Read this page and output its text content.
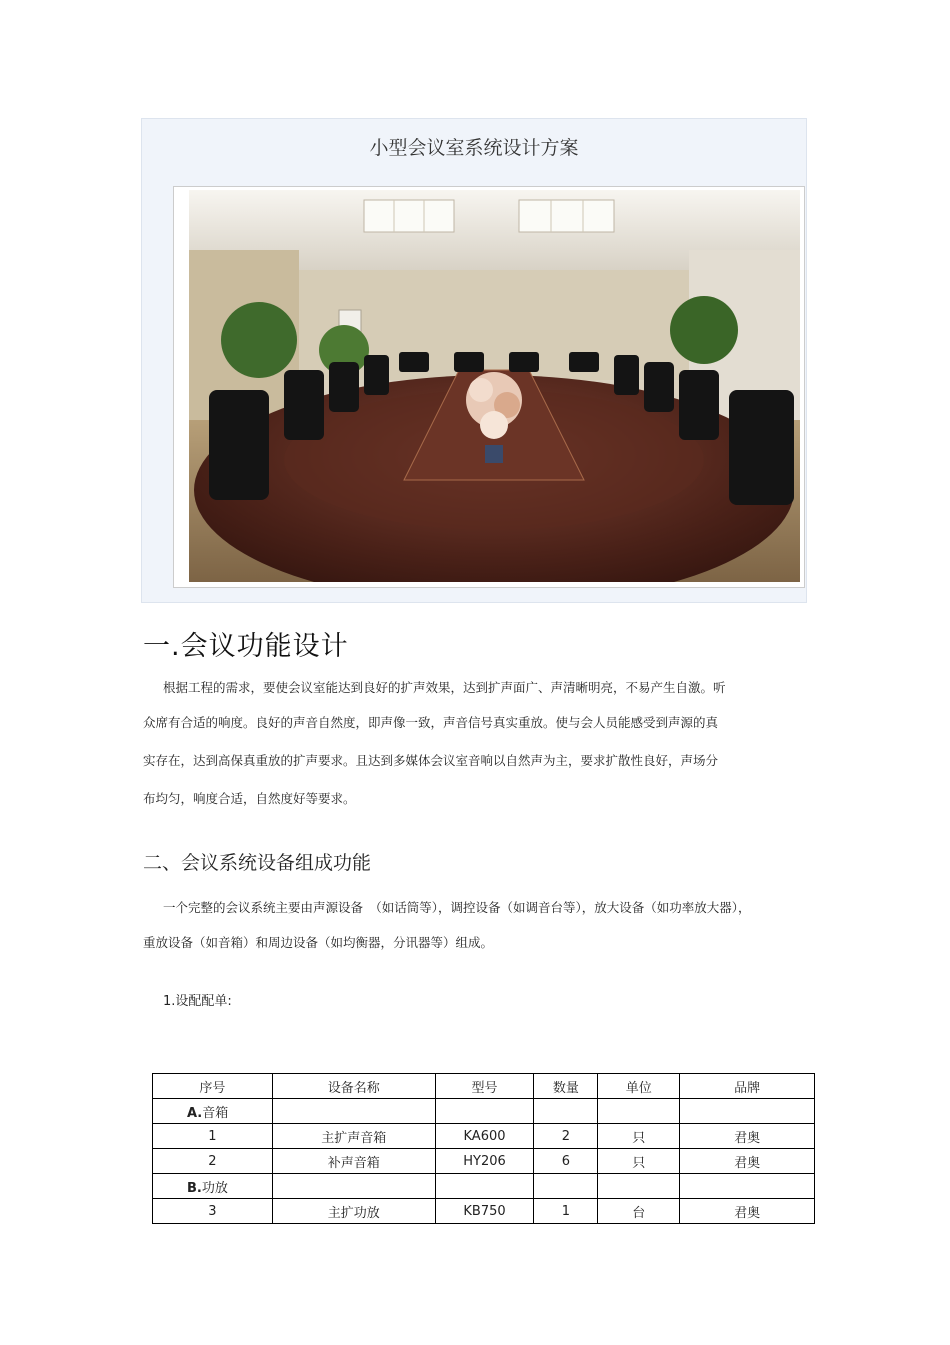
小型会议室系统设计方案
一.会议功能设计
根据工程的需求，要使会议室能达到良好的扩声效果，达到扩声面广、声清晰明亮，不易产生自激。听
众席有合适的响度。良好的声音自然度，即声像一致，声音信号真实重放。使与会人员能感受到声源的真
实存在，达到高保真重放的扩声要求。且达到多媒体会议室音响以自然声为主，要求扩散性良好，声场分
布均匀，响度合适，自然度好等要求。
二、会议系统设备组成功能
一个完整的会议系统主要由声源设备　（如话筒等），调控设备（如调音台等），放大设备（如功率放大器），
重放设备（如音箱）和周边设备（如均衡器，分讯器等）组成。
1.设配配单:
序号	设备名称	型号	数量	单位	品牌
A.音箱					
1	主扩声音箱	KA600	2	只	君奥
2	补声音箱	HY206	6	只	君奥
B.功放					
3	主扩功放	KB750	1	台	君奥
